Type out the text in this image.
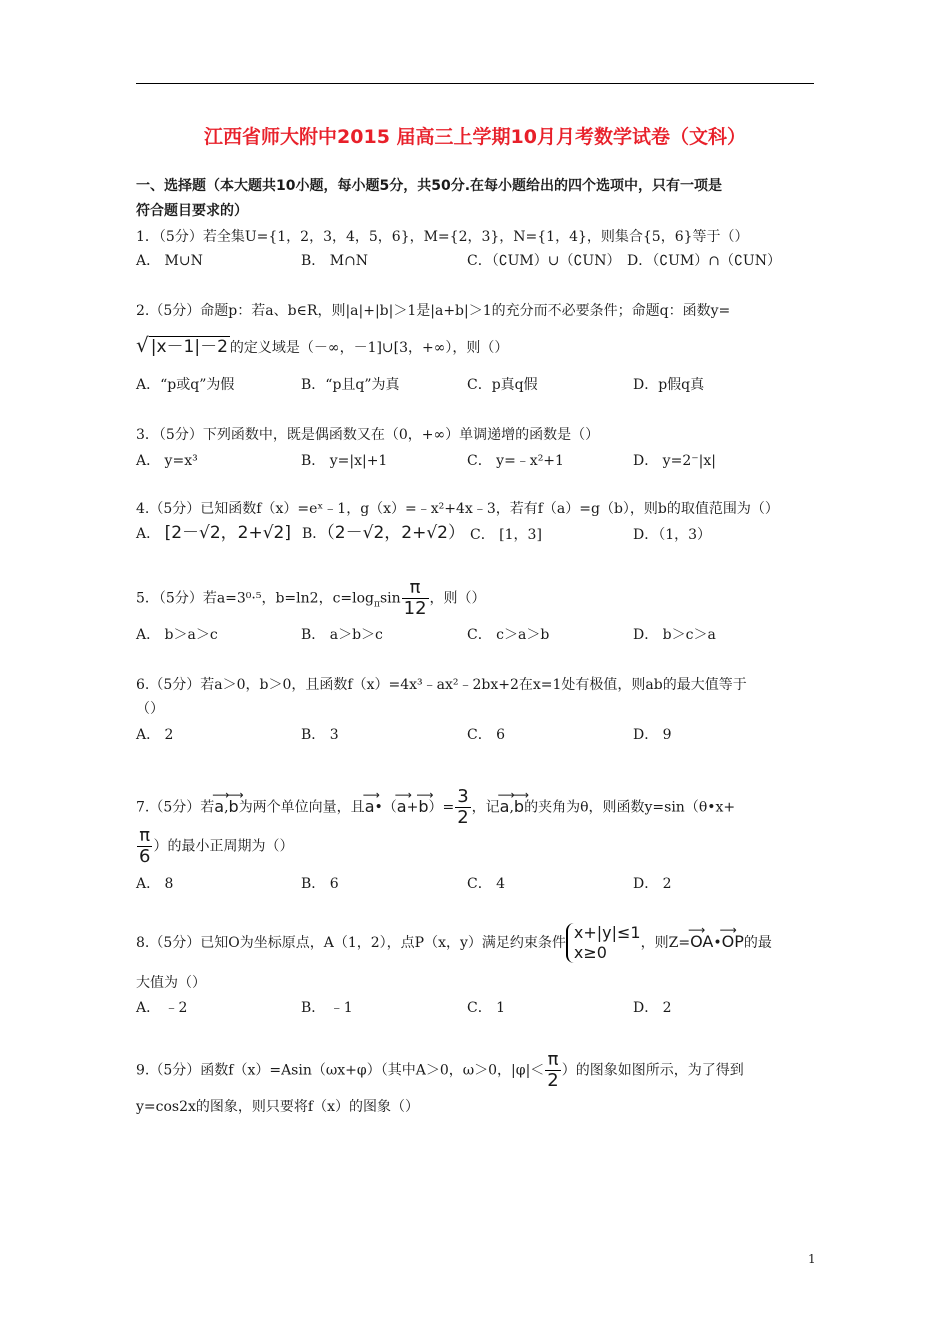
江西省师大附中2015 届高三上学期10月月考数学试卷（文科）
一、选择题（本大题共10小题，每小题5分，共50分.在每小题给出的四个选项中，只有一项是
符合题目要求的）
1．（5分）若全集U={1，2，3，4，5，6}，M={2，3}，N={1，4}，则集合{5，6}等于（）
A． M∪N	B． M∩N	C．（∁UM）∪（∁UN） D．（∁UM）∩（∁UN）
2.（5分）命题p：若a、b∈R，则|a|+|b|＞1是|a+b|＞1的充分而不必要条件；命题q：函数y=
√ |x－1|－2 的定义域是（－∞，－1]∪[3，+∞），则（）
A．“p或q”为假	B．“p且q”为真	C．p真q假	D．p假q真
3．（5分）下列函数中，既是偶函数又在（0，+∞）单调递增的函数是（）
A． y=x³	B． y=|x|+1	C． y=﹣x²+1	D． y=2⁻|x|
4.（5分）已知函数f（x）=eˣ﹣1，g（x）=﹣x²+4x﹣3，若有f（a）=g（b），则b的取值范围为（）
A． [2－√2，2+√2] B．（2－√2，2+√2） C． [1，3]	D．（1，3）
5．（5分）若a=3⁰·⁵，b=ln2，$c=\log_\pi\sin \frac{\pi}{12}$ ，则（）
A． b＞a＞c	B． a＞b＞c	C． c＞a＞b	D． b＞c＞a
6.（5分）若a＞0，b＞0，且函数f（x）=4x³﹣ax²﹣2bx+2在x=1处有极值，则ab的最大值等于
（）
A． 2	B． 3	C． 6	D． 9
7.（5分）若⟶ a,⟶ b为两个单位向量，且⟶ a•（⟶ a+⟶ $b)= \frac{3}{2}$ ，记⟶ a,⟶ b的夹角为θ，则函数y=sin（θ•x+
$\frac{\pi}{6}$ ）的最小正周期为（）
A． 8	B． 6	C． 4	D． 2
8.（5分）已知O为坐标原点，A（1，2），点P（x，y）满足约束条件
x+|y|≤1
x≥0	，则Z=⟶ OA•⟶ OP的最
大值为（）
A． ﹣2	B． ﹣1	C． 1	D． 2
9.（5分）函数f（x）=Asin（ωx+φ）（其中A＞0，ω＞0，$|\varphi|< \frac{\pi}{2}$ ）的图象如图所示，为了得到
y=cos2x的图象，则只要将f（x）的图象（）
1
